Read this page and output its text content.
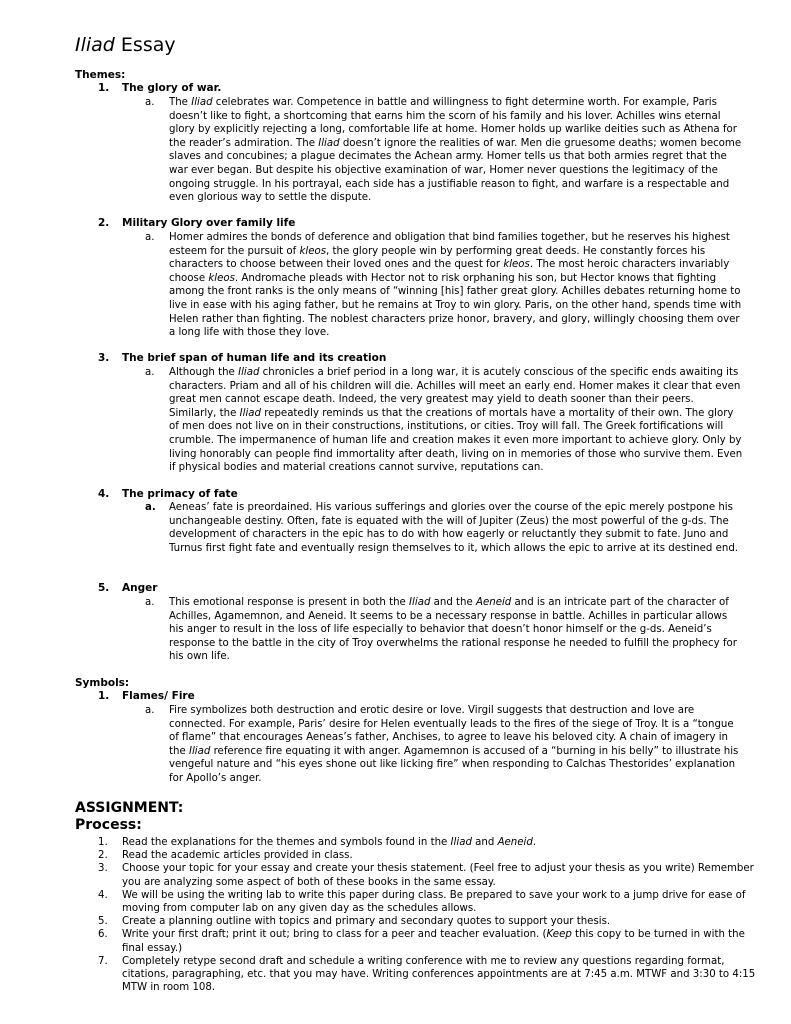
Iliad Essay
Themes:
1. The glory of war.
a. The Iliad celebrates war. Competence in battle and willingness to fight determine worth. For example, Paris doesn’t like to fight, a shortcoming that earns him the scorn of his family and his lover. Achilles wins eternal glory by explicitly rejecting a long, comfortable life at home. Homer holds up warlike deities such as Athena for the reader’s admiration. The Iliad doesn’t ignore the realities of war. Men die gruesome deaths; women become slaves and concubines; a plague decimates the Achean army. Homer tells us that both armies regret that the war ever began. But despite his objective examination of war, Homer never questions the legitimacy of the ongoing struggle. In his portrayal, each side has a justifiable reason to fight, and warfare is a respectable and even glorious way to settle the dispute.
2. Military Glory over family life
a. Homer admires the bonds of deference and obligation that bind families together, but he reserves his highest esteem for the pursuit of kleos, the glory people win by performing great deeds. He constantly forces his characters to choose between their loved ones and the quest for kleos. The most heroic characters invariably choose kleos. Andromache pleads with Hector not to risk orphaning his son, but Hector knows that fighting among the front ranks is the only means of “winning [his] father great glory. Achilles debates returning home to live in ease with his aging father, but he remains at Troy to win glory. Paris, on the other hand, spends time with Helen rather than fighting. The noblest characters prize honor, bravery, and glory, willingly choosing them over a long life with those they love.
3. The brief span of human life and its creation
a. Although the Iliad chronicles a brief period in a long war, it is acutely conscious of the specific ends awaiting its characters. Priam and all of his children will die. Achilles will meet an early end. Homer makes it clear that even great men cannot escape death. Indeed, the very greatest may yield to death sooner than their peers. Similarly, the Iliad repeatedly reminds us that the creations of mortals have a mortality of their own. The glory of men does not live on in their constructions, institutions, or cities. Troy will fall. The Greek fortifications will crumble. The impermanence of human life and creation makes it even more important to achieve glory. Only by living honorably can people find immortality after death, living on in memories of those who survive them. Even if physical bodies and material creations cannot survive, reputations can.
4. The primacy of fate
a. Aeneas’ fate is preordained. His various sufferings and glories over the course of the epic merely postpone his unchangeable destiny. Often, fate is equated with the will of Jupiter (Zeus) the most powerful of the g-ds. The development of characters in the epic has to do with how eagerly or reluctantly they submit to fate. Juno and Turnus first fight fate and eventually resign themselves to it, which allows the epic to arrive at its destined end.
5. Anger
a. This emotional response is present in both the Iliad and the Aeneid and is an intricate part of the character of Achilles, Agamemnon, and Aeneid. It seems to be a necessary response in battle. Achilles in particular allows his anger to result in the loss of life especially to behavior that doesn’t honor himself or the g-ds. Aeneid’s response to the battle in the city of Troy overwhelms the rational response he needed to fulfill the prophecy for his own life.
Symbols:
1. Flames/ Fire
a. Fire symbolizes both destruction and erotic desire or love. Virgil suggests that destruction and love are connected. For example, Paris’ desire for Helen eventually leads to the fires of the siege of Troy. It is a “tongue of flame” that encourages Aeneas’s father, Anchises, to agree to leave his beloved city. A chain of imagery in the Iliad reference fire equating it with anger. Agamemnon is accused of a “burning in his belly” to illustrate his vengeful nature and “his eyes shone out like licking fire” when responding to Calchas Thestorides’ explanation for Apollo’s anger.
ASSIGNMENT:
Process:
1. Read the explanations for the themes and symbols found in the Iliad and Aeneid.
2. Read the academic articles provided in class.
3. Choose your topic for your essay and create your thesis statement. (Feel free to adjust your thesis as you write) Remember you are analyzing some aspect of both of these books in the same essay.
4. We will be using the writing lab to write this paper during class. Be prepared to save your work to a jump drive for ease of moving from computer lab on any given day as the schedules allows.
5. Create a planning outline with topics and primary and secondary quotes to support your thesis.
6. Write your first draft; print it out; bring to class for a peer and teacher evaluation. (Keep this copy to be turned in with the final essay.)
7. Completely retype second draft and schedule a writing conference with me to review any questions regarding format, citations, paragraphing, etc. that you may have. Writing conferences appointments are at 7:45 a.m. MTWF and 3:30 to 4:15 MTW in room 108.
